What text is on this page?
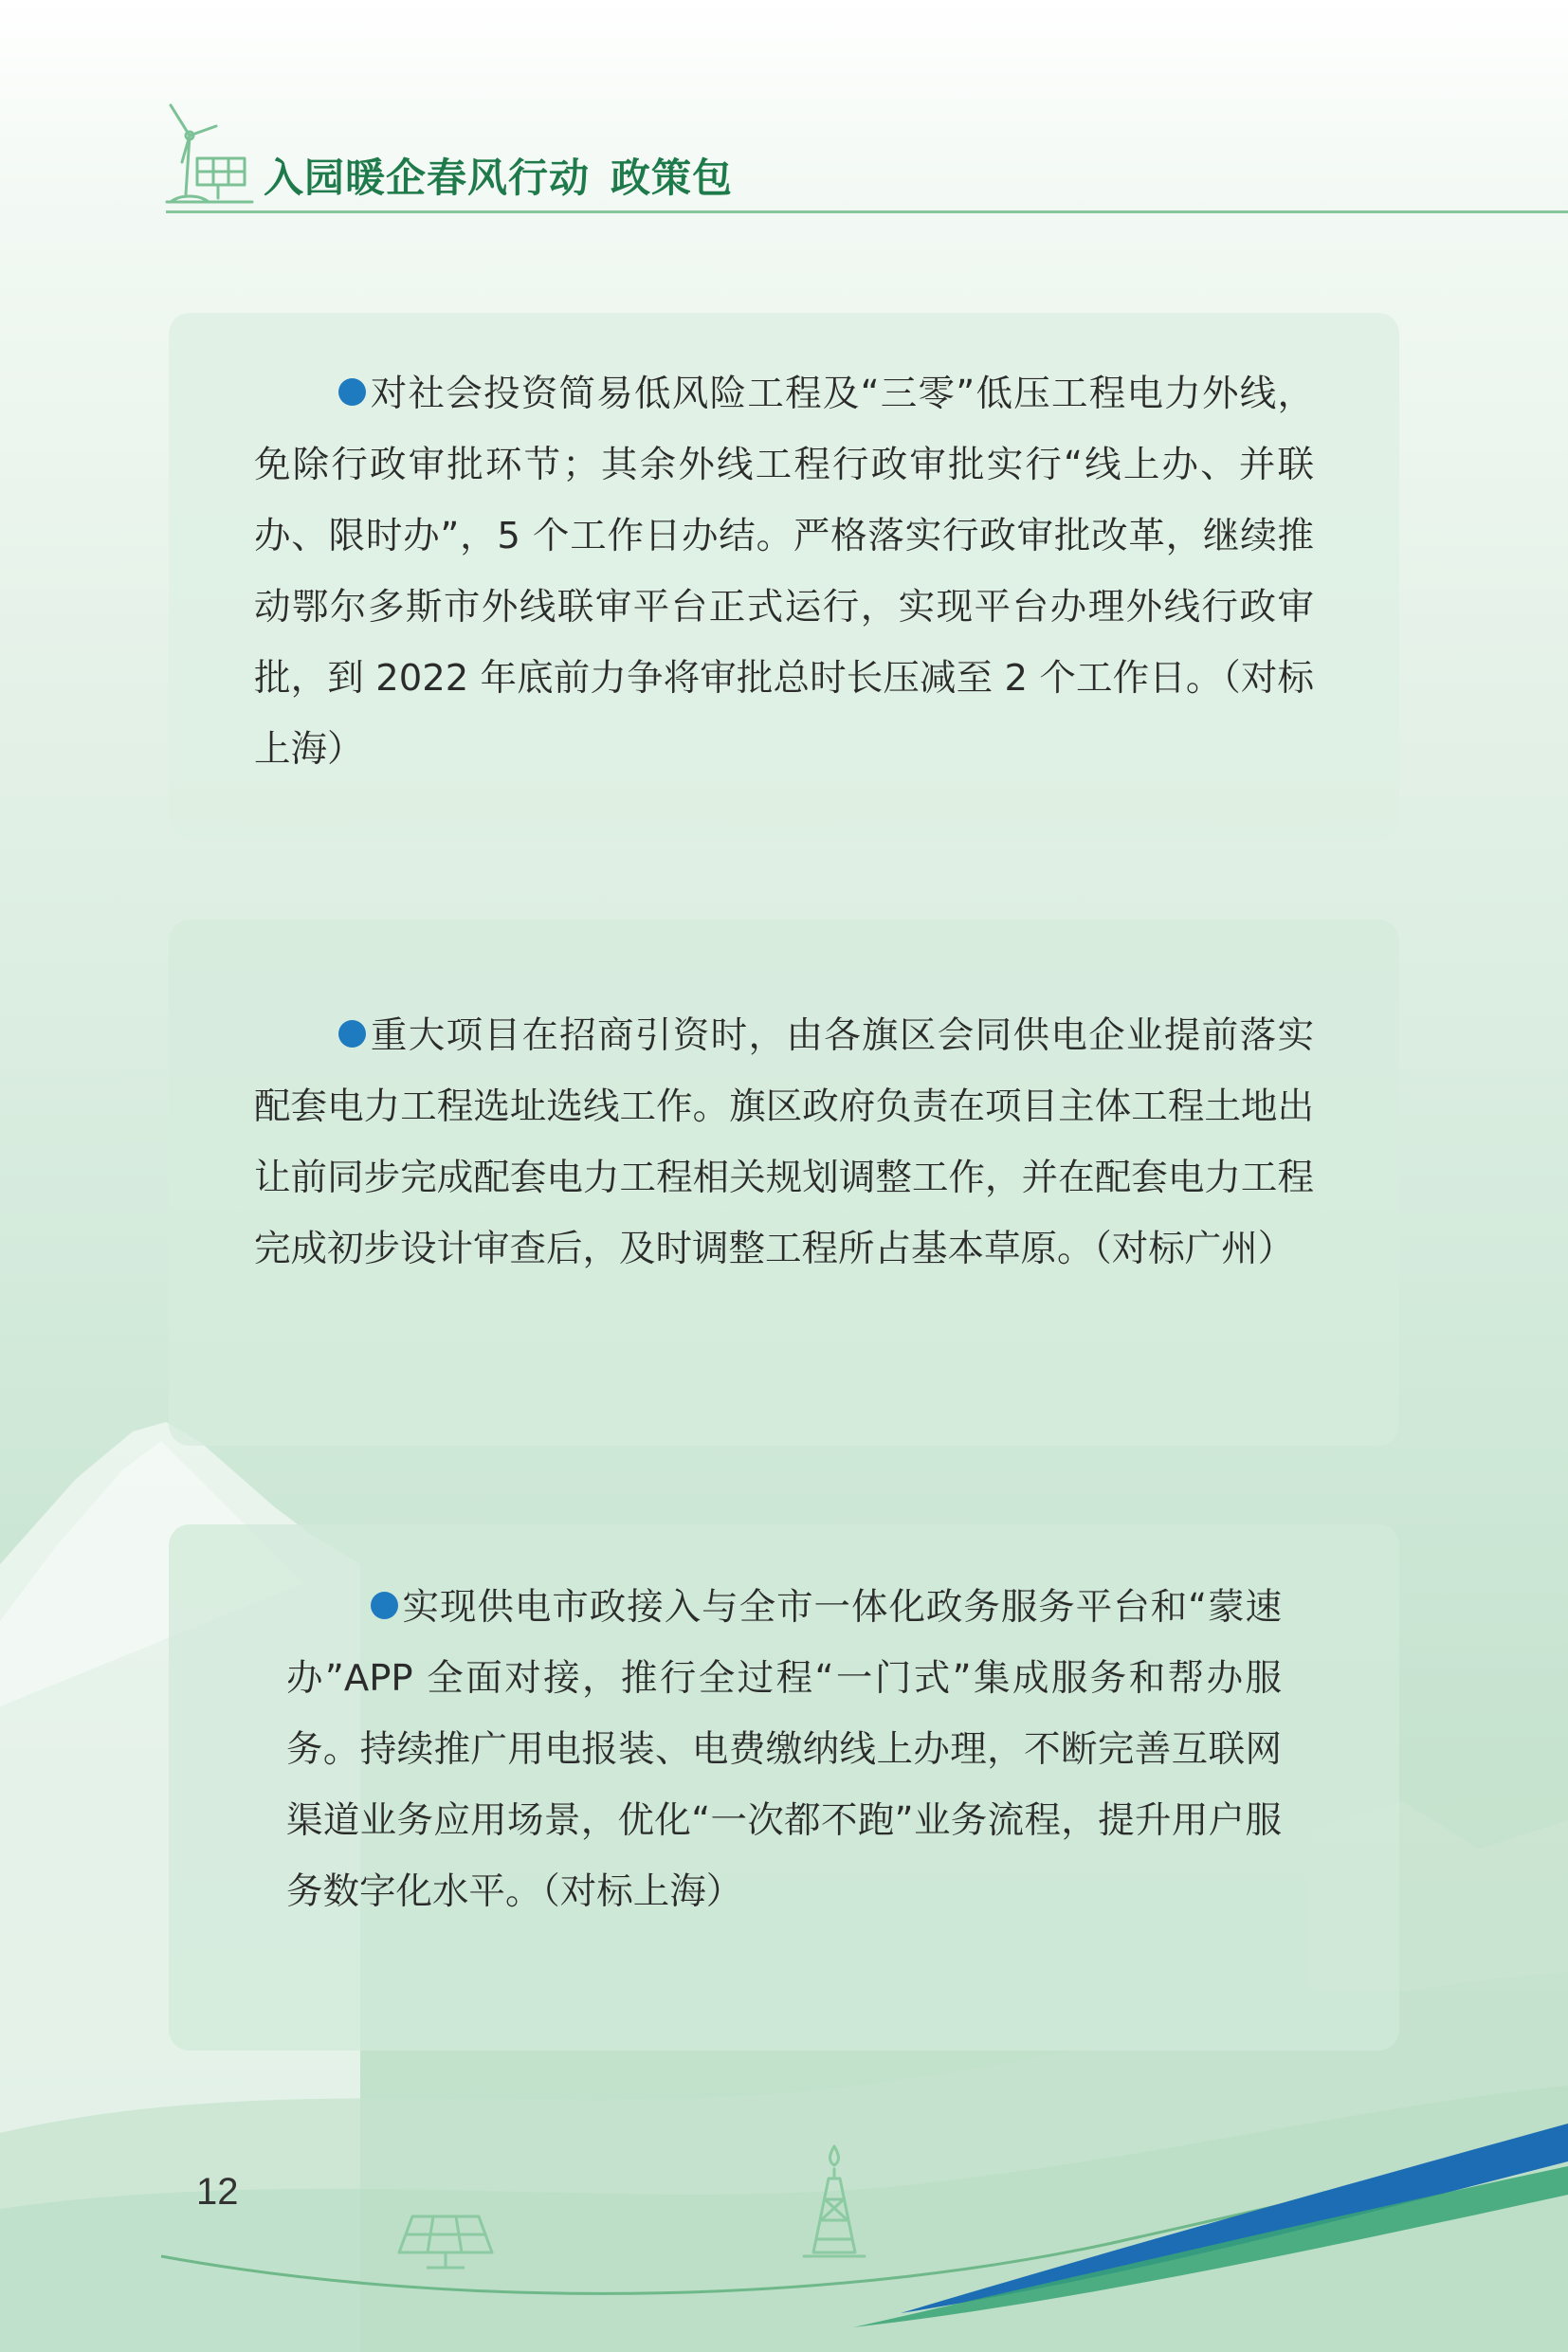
入园暖企春风行动 政策包
对社会投资简易低风险工程及“三零”低压工程电力外线，免除行政审批环节；其余外线工程行政审批实行“线上办、并联办、限时办”，5 个工作日办结。严格落实行政审批改革，继续推动鄂尔多斯市外线联审平台正式运行，实现平台办理外线行政审批，到 2022 年底前力争将审批总时长压减至 2 个工作日。（对标上海）
重大项目在招商引资时，由各旗区会同供电企业提前落实配套电力工程选址选线工作。旗区政府负责在项目主体工程土地出让前同步完成配套电力工程相关规划调整工作，并在配套电力工程完成初步设计审查后，及时调整工程所占基本草原。（对标广州）
实现供电市政接入与全市一体化政务服务平台和“蒙速办”APP 全面对接，推行全过程“一门式”集成服务和帮办服务。持续推广用电报装、电费缴纳线上办理，不断完善互联网渠道业务应用场景，优化“一次都不跑”业务流程，提升用户服务数字化水平。（对标上海）
12
